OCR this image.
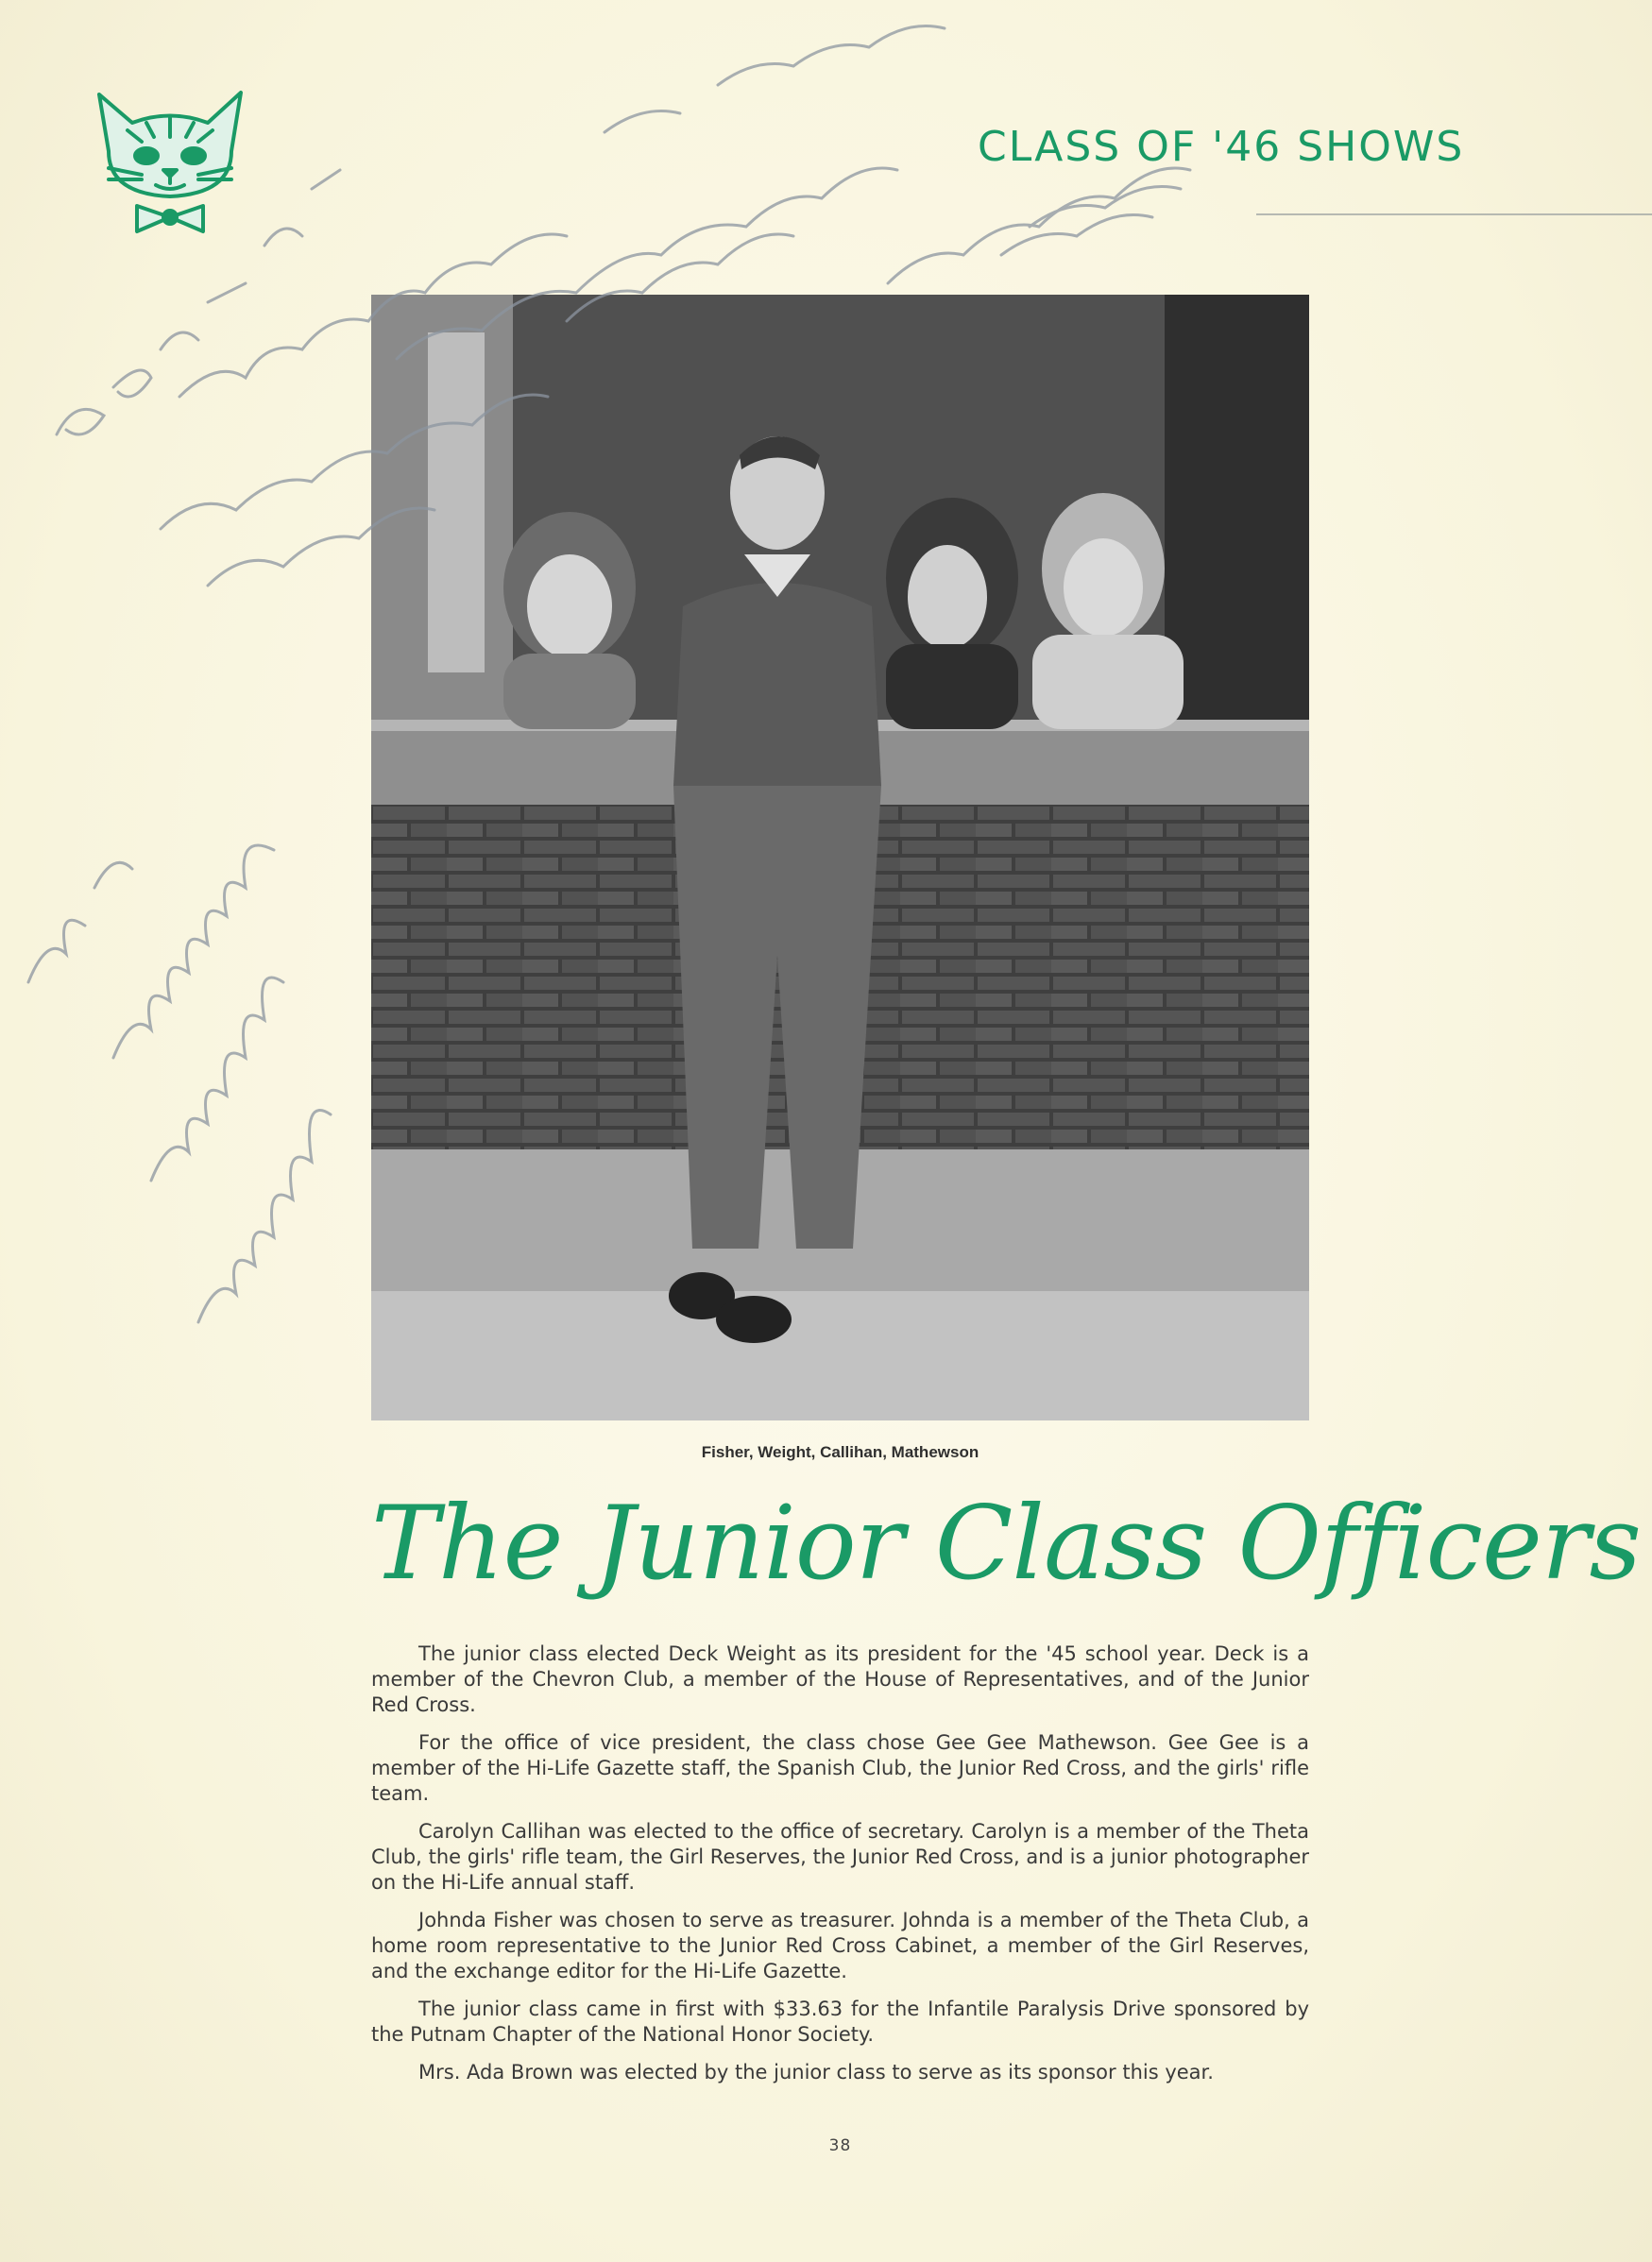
CLASS OF '46 SHOWS
Fisher, Weight, Callihan, Mathewson
The Junior Class Officers

The junior class elected Deck Weight as its president for the '45 school year. Deck is a member of the Chevron Club, a member of the House of Representatives, and of the Junior Red Cross.

For the office of vice president, the class chose Gee Gee Mathewson. Gee Gee is a member of the Hi-Life Gazette staff, the Spanish Club, the Junior Red Cross, and the girls' rifle team.

Carolyn Callihan was elected to the office of secretary. Carolyn is a member of the Theta Club, the girls' rifle team, the Girl Reserves, the Junior Red Cross, and is a junior photographer on the Hi-Life annual staff.

Johnda Fisher was chosen to serve as treasurer. Johnda is a member of the Theta Club, a home room representative to the Junior Red Cross Cabinet, a member of the Girl Reserves, and the exchange editor for the Hi-Life Gazette.

The junior class came in first with $33.63 for the Infantile Paralysis Drive sponsored by the Putnam Chapter of the National Honor Society.

Mrs. Ada Brown was elected by the junior class to serve as its sponsor this year.

38
